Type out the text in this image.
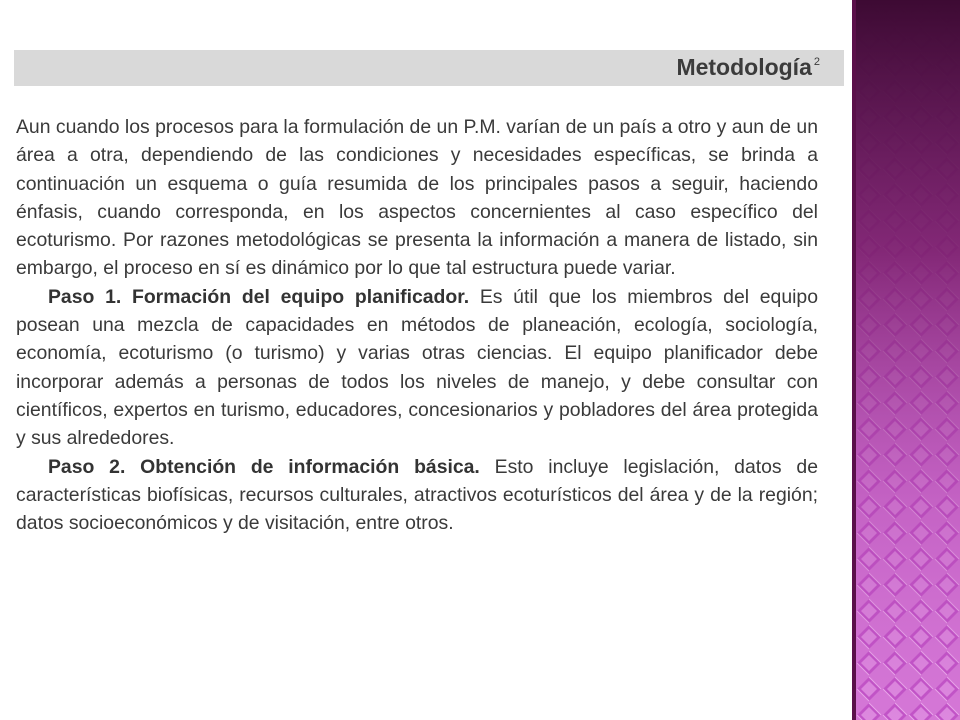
Metodología $^2$

Aun cuando los procesos para la formulación de un P.M. varían de un país a otro y aun de un área a otra, dependiendo de las condiciones y necesidades específicas, se brinda a continuación un esquema o guía resumida de los principales pasos a seguir, haciendo énfasis, cuando corresponda, en los aspectos concernientes al caso específico del ecoturismo. Por razones metodológicas se presenta la información a manera de listado, sin embargo, el proceso en sí es dinámico por lo que tal estructura puede variar.

Paso 1. Formación del equipo planificador. Es útil que los miembros del equipo posean una mezcla de capacidades en métodos de planeación, ecología, sociología, economía, ecoturismo (o turismo) y varias otras ciencias. El equipo planificador debe incorporar además a personas de todos los niveles de manejo, y debe consultar con científicos, expertos en turismo, educadores, concesionarios y pobladores del área protegida y sus alrededores.

Paso 2. Obtención de información básica. Esto incluye legislación, datos de características biofísicas, recursos culturales, atractivos ecoturísticos del área y de la región; datos socioeconómicos y de visitación, entre otros.
